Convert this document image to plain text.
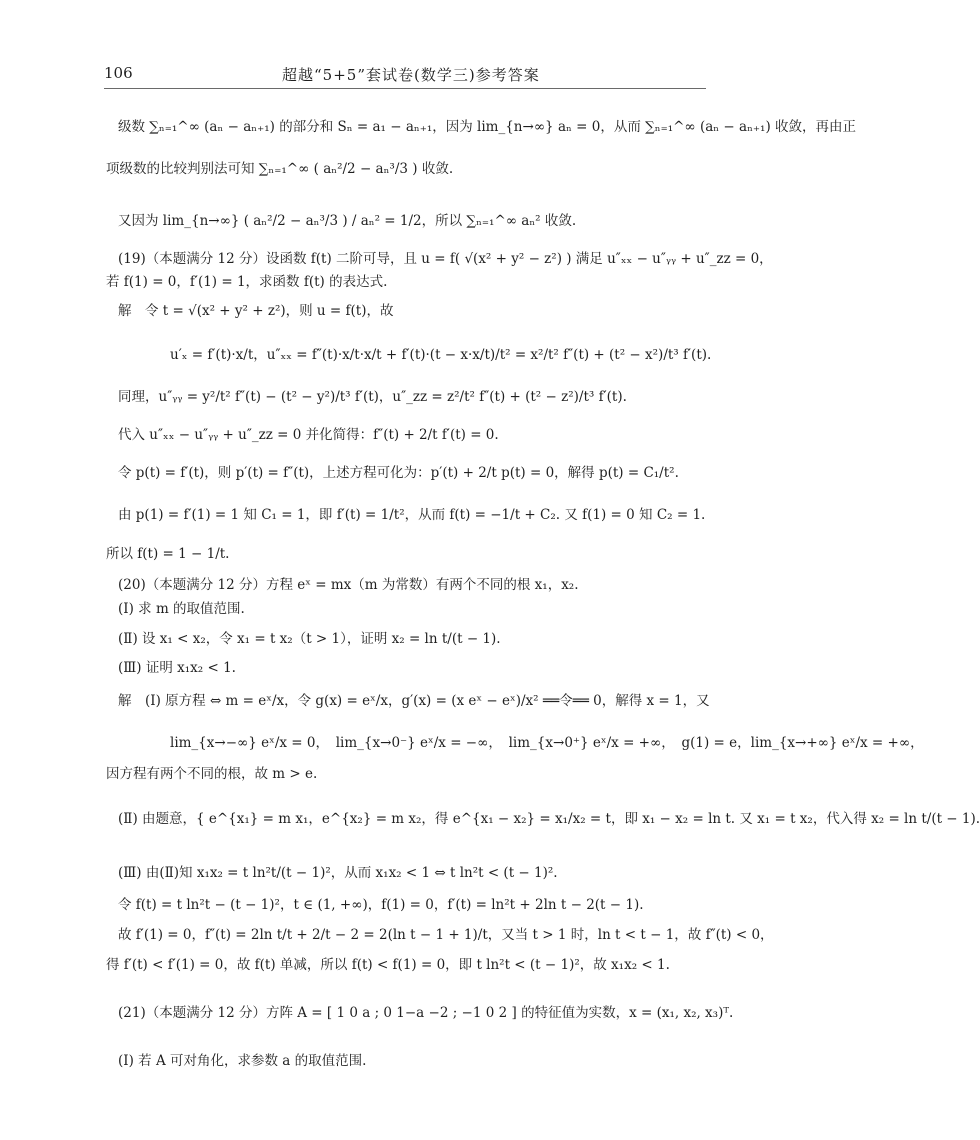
106	超越“5+5”套试卷(数学三)参考答案
级数 ∑ₙ₌₁^∞ (aₙ − aₙ₊₁) 的部分和 Sₙ = a₁ − aₙ₊₁，因为 lim_{n→∞} aₙ = 0，从而 ∑ₙ₌₁^∞ (aₙ − aₙ₊₁) 收敛，再由正
项级数的比较判别法可知 ∑ₙ₌₁^∞ ( aₙ²/2 − aₙ³/3 ) 收敛.
又因为 lim_{n→∞} ( aₙ²/2 − aₙ³/3 ) / aₙ² = 1/2，所以 ∑ₙ₌₁^∞ aₙ² 收敛.
(19)（本题满分 12 分）设函数 f(t) 二阶可导，且 u = f( √(x² + y² − z²) ) 满足 u″ₓₓ − u″ᵧᵧ + u″_zz = 0，
若 f(1) = 0，f′(1) = 1，求函数 f(t) 的表达式.
解　令 t = √(x² + y² + z²)，则 u = f(t)，故
u′ₓ = f′(t)·x/t，u″ₓₓ = f″(t)·x/t·x/t + f′(t)·(t − x·x/t)/t² = x²/t² f″(t) + (t² − x²)/t³ f′(t).
同理，u″ᵧᵧ = y²/t² f″(t) − (t² − y²)/t³ f′(t)，u″_zz = z²/t² f″(t) + (t² − z²)/t³ f′(t).
代入 u″ₓₓ − u″ᵧᵧ + u″_zz = 0 并化简得：f″(t) + 2/t f′(t) = 0.
令 p(t) = f′(t)，则 p′(t) = f″(t)，上述方程可化为：p′(t) + 2/t p(t) = 0，解得 p(t) = C₁/t².
由 p(1) = f′(1) = 1 知 C₁ = 1，即 f′(t) = 1/t²，从而 f(t) = −1/t + C₂. 又 f(1) = 0 知 C₂ = 1.
所以 f(t) = 1 − 1/t.
(20)（本题满分 12 分）方程 eˣ = mx（m 为常数）有两个不同的根 x₁，x₂.
(Ⅰ) 求 m 的取值范围.
(Ⅱ) 设 x₁ < x₂，令 x₁ = t x₂（t > 1），证明 x₂ = ln t/(t − 1).
(Ⅲ) 证明 x₁x₂ < 1.
解　(Ⅰ) 原方程 ⇔ m = eˣ/x，令 g(x) = eˣ/x，g′(x) = (x eˣ − eˣ)/x² ══令══ 0，解得 x = 1，又
lim_{x→−∞} eˣ/x = 0，　lim_{x→0⁻} eˣ/x = −∞，　lim_{x→0⁺} eˣ/x = +∞，　g(1) = e，lim_{x→+∞} eˣ/x = +∞，
因方程有两个不同的根，故 m > e.
(Ⅱ) 由题意，{ e^{x₁} = m x₁，e^{x₂} = m x₂，得 e^{x₁ − x₂} = x₁/x₂ = t，即 x₁ − x₂ = ln t. 又 x₁ = t x₂，代入得 x₂ = ln t/(t − 1).
(Ⅲ) 由(Ⅱ)知 x₁x₂ = t ln²t/(t − 1)²，从而 x₁x₂ < 1 ⇔ t ln²t < (t − 1)².
令 f(t) = t ln²t − (t − 1)²，t ∈ (1, +∞)，f(1) = 0，f′(t) = ln²t + 2ln t − 2(t − 1).
故 f′(1) = 0，f″(t) = 2ln t/t + 2/t − 2 = 2(ln t − 1 + 1)/t，又当 t > 1 时，ln t < t − 1，故 f″(t) < 0，
得 f′(t) < f′(1) = 0，故 f(t) 单减，所以 f(t) < f(1) = 0，即 t ln²t < (t − 1)²，故 x₁x₂ < 1.
(21)（本题满分 12 分）方阵 A = [ 1 0 a ; 0 1−a −2 ; −1 0 2 ] 的特征值为实数，x = (x₁, x₂, x₃)ᵀ.
(Ⅰ) 若 A 可对角化，求参数 a 的取值范围.
